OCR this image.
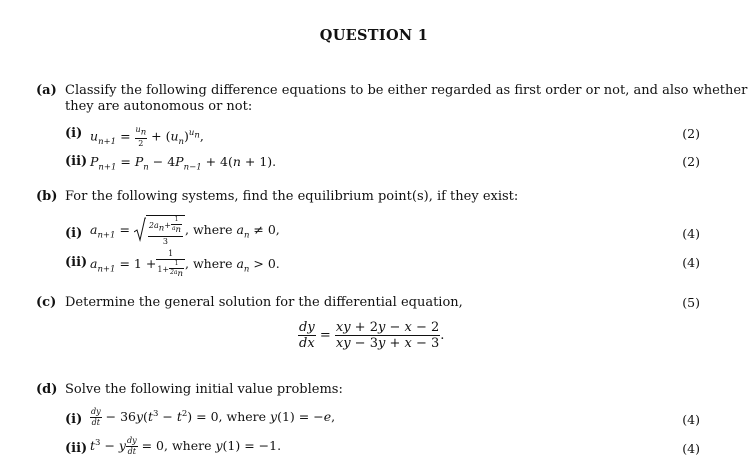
QUESTION 1
(a) Classify the following difference equations to be either regarded as first order or not, and also whether
they are autonomous or not:
(i) $u_{n+1} = \frac{u_n}{2} + (u_n)^{u_n}$,	(2)
(ii) $P_{n+1} = P_n - 4P_{n-1} + 4(n + 1)$.	(2)
(b) For the following systems, find the equilibrium point(s), if they exist:
(i) $a_{n+1} = \frac{2a_n+ \frac{1}{a_n}}{3}$ , where $a_n \ne 0$,	(4)
(ii) $a_{n+1} = 1 + \frac{1}{1+ \frac{1}{2a_n}}$ , where $a_n > 0$.	(4)
(c) Determine the general solution for the differential equation,	(5)
$\frac{dy}{dx} = \frac{xy + 2y - x - 2}{xy - 3y + x - 3}$ .
(d) Solve the following initial value problems:
$(i) \frac{dy}{dt} - 36y(t^3 - t^2) = 0$, where y(1) = −e,	(4)
(ii) $t^3 - y \frac{dy}{dt} = 0$, where y(1) = −1.	(4)
